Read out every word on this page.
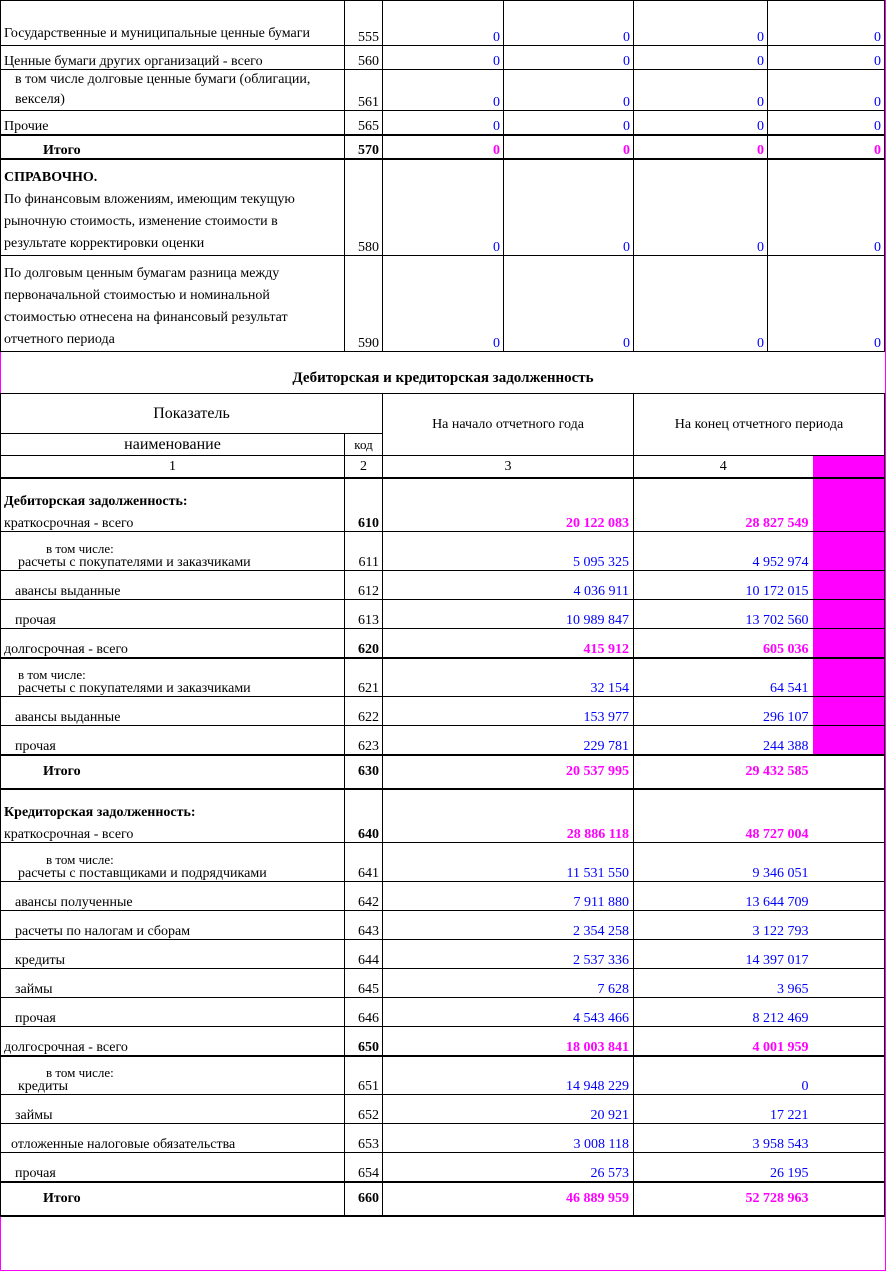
Государственные и муниципальные ценные бумаги	555	0	0	0	0
Ценные бумаги других организаций - всего	560	0	0	0	0
в том числе долговые ценные бумаги (облигации, векселя)	561	0	0	0	0
Прочие	565	0	0	0	0
Итого	570	0	0	0	0

СПРАВОЧНО.
По финансовым вложениям, имеющим текущую рыночную стоимость, изменение стоимости в результате корректировки оценки	580	0	0	0	0
По долговым ценным бумагам разница между первоначальной стоимостью и номинальной стоимостью отнесена на финансовый результат отчетного периода	590	0	0	0	0
Дебиторская и кредиторская задолженность
Показатель		На начало отчетного года	На конец отчетного периода	
наименование	код			
1	2	3	4	

Дебиторская задолженность:
краткосрочная - всего	610	20 122 083	28 827 549	

в том числе:
расчеты с покупателями и заказчиками	611	5 095 325	4 952 974	
авансы выданные	612	4 036 911	10 172 015	
прочая	613	10 989 847	13 702 560	
долгосрочная - всего	620	415 912	605 036	

в том числе:
расчеты с покупателями и заказчиками	621	32 154	64 541	
авансы выданные	622	153 977	296 107	
прочая	623	229 781	244 388	
Итого	630	20 537 995	29 432 585	

Кредиторская задолженность:
краткосрочная - всего	640	28 886 118	48 727 004	

в том числе:
расчеты с поставщиками и подрядчиками	641	11 531 550	9 346 051	
авансы полученные	642	7 911 880	13 644 709	
расчеты по налогам и сборам	643	2 354 258	3 122 793	
кредиты	644	2 537 336	14 397 017	
займы	645	7 628	3 965	
прочая	646	4 543 466	8 212 469	
долгосрочная - всего	650	18 003 841	4 001 959	

в том числе:
кредиты	651	14 948 229	0	
займы	652	20 921	17 221	
отложенные налоговые обязательства	653	3 008 118	3 958 543	
прочая	654	26 573	26 195	
Итого	660	46 889 959	52 728 963	
